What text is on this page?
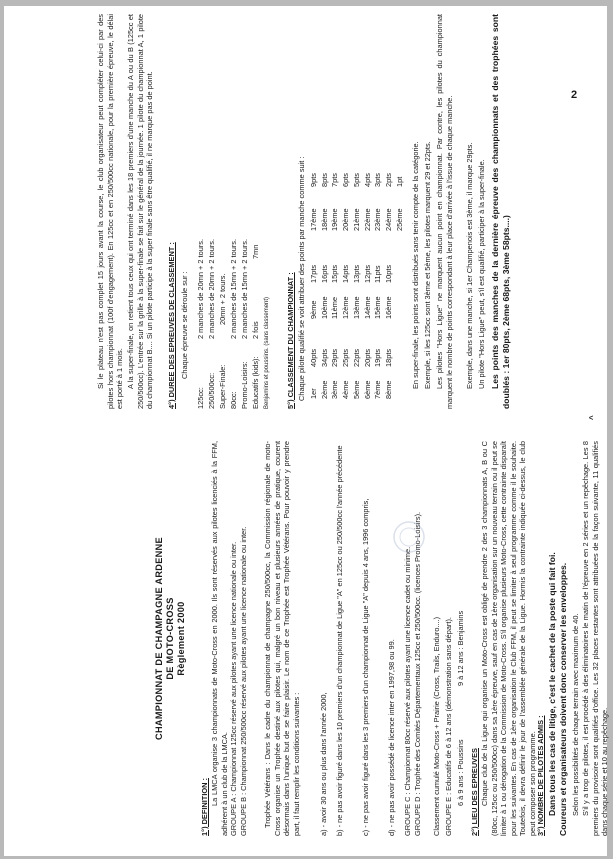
CHAMPIONNAT DE CHAMPAGNE ARDENNE DE MOTO-CROSS Règlement 2000
1°) DEFINITION :

La LMCA organise 3 championnats de Moto-Cross en 2000. Ils sont réservés aux pilotes licenciés à la FFM, adhérent à un club de la LMCA. GROUPE A : Championnat 125cc réservé aux pilotes ayant une licence nationale ou inter. GROUPE B : Championnat 250/500cc réservé aux pilotes ayant une licence nationale ou inter. Trophée Vétérans : Dans le cadre du championnat de champagne 250/500cc, la Commission régionale de moto-Cross organise un Trophée destiné aux pilotes qui, malgré un bon niveau et plusieurs années de pratique, courent désormais dans l'unique but de se faire plaisir. Le nom de ce Trophée est Trophée Vétérans. Pour pouvoir y prendre part, il faut remplir les conditions suivantes : a) - avoir 30 ans ou plus dans l'année 2000, b) - ne pas avoir figuré dans les 10 premiers d'un championnat de Ligue "A" en 125cc ou 250/500cc l'année précédente c) - ne pas avoir figuré dans les 3 premiers d'un championnat de Ligue "A" depuis 4 ans, 1996 compris, d) - ne pas avoir possédé de licence inter en 1997,98 ou 99. GROUPE C : Championnat 80cc réservé aux pilotes ayant une licence cadet ou minime. GROUPE D : Trophée des Comités Départementaux 125cc et 250/500cc. (licences Promo-Loisirs). Classement cumulé Moto-Cross + Prairie (Cross, Trails, Enduro....) GROUPE E : Educatifs de 6 à 12 ans (démonstration sans départ). 6 à 9 ans : Poussins
9 à 12 ans : Benjamins
2°) LIEU DES EPREUVES Chaque club de la Ligue qui organise un Moto-Cross est obligé de prendre 2 des 3 championnats A, B ou C (80cc, 125cc ou 250/500cc) dans sa 1ère épreuve, sauf en cas de 1ère organisation sur un nouveau terrain ou il peut se limiter à 1 ou dérogation de la Commission de Moto-Cross. S'il organise plusieurs Moto-Cross, cette contrainte disparaît pour les suivantes. En cas de 1ère organisation le Club FFM, il peut se limiter à seul programme comme il le souhaite. Toutefois, il devra définir le jour de l'assemblée générale de la Ligue. Hormis la contrainte indiquée ci-dessus, le club peut composer son programme. 3°) NOMBRE DE PILOTES ADMIS : Dans tous les cas de litige, c'est le cachet de la poste qui fait foi. Coureurs et organisateurs doivent donc conserver les enveloppes. Selon les possibilités de chaque terrain avec maximum de 40. S'il y a trop de pilotes, il est procédé à des éliminatoires le matin de l'épreuve en 2 séries et un repêchage. Les 8 premiers du provisoire sont qualifiés d'office. Les 32 places restantes sont attribuées de la façon suivante, 11 qualifiés dans chaque série et 10 au repêchage.

Si le plateau n'est pas complet 15 jours avant la course, le club organisateur peut compléter celui-ci par des pilotes hors championnat (100f d'engagement). En 125cc et en 250/500cc nationale, pour la première épreuve, le délai est porté à 1 mois. A la super-finale, on retient tous ceux qui ont terminé dans les 18 premiers d'une manche du A ou du B (125cc et 250/500cc). L'entrée sur la grille à la super-finale se fait sur le général de la journée. 1 pilote du championnat A, 1 pilote du championnat B.... Si un pilote participe à la super finale sans être qualifié, il ne marque pas de point. 4°) DUREE DES EPREUVES DE CLASSEMENT : Chaque épreuve se déroule sur :

125cc:
2 manches de 20mn + 2 tours.
250/500cc:
2 manches de 20mn + 2 tours.
Super-Finale:
20mn + 2 tours.
80cc:
2 manches de 15mn + 2 tours.
Promo-Loisirs:
2 manches de 15mn + 2 tours.
Educatifs (kids):
2 fois
7mn

Benjamins et poussins. (sans classement)	5°) CLASSEMENT DU CHAMPIONNAT : Chaque pilote qualifié se voit attribuer des points par manche comme suit : 1er
40pts
9ème
17pts
17ème
9pts
2ème
34pts
10ème
16pts
18ème
8pts
3ème
29pts
11ème
15pts
19ème
7pts
4ème
25pts
12ème
14pts
20ème
6pts
5ème
22pts
13ème
13pts
21ème
5pts
6ème
20pts
14ème
12pts
22ème
4pts
7ème
19pts
15ème
11pts
23ème
3pts
8ème
18pts
16ème
10pts
24ème
2pts
25ème
1pt En super-finale, les points sont distribués sans tenir compte de la catégorie. Exemple, si les 125cc sont 3ème et 5ème, les pilotes marquent 29 et 22pts. Les pilotes "Hors Ligue" ne marquent aucun point en championnat. Par contre, les pilotes du championnat marquent le nombre de points correspondant à leur place d'arrivée à l'issue de chaque manche. Exemple, dans une manche, si 1er Champenois est 3ème, il marque 29pts. Un pilote "Hors Ligue" peut, s'il est qualifié, participer à la super-finale. Les points des manches de la dernière épreuve des championnats et des trophées sont doublés : 1er 80pts, 2ème 68pts, 3ème 58pts....)

^
2
